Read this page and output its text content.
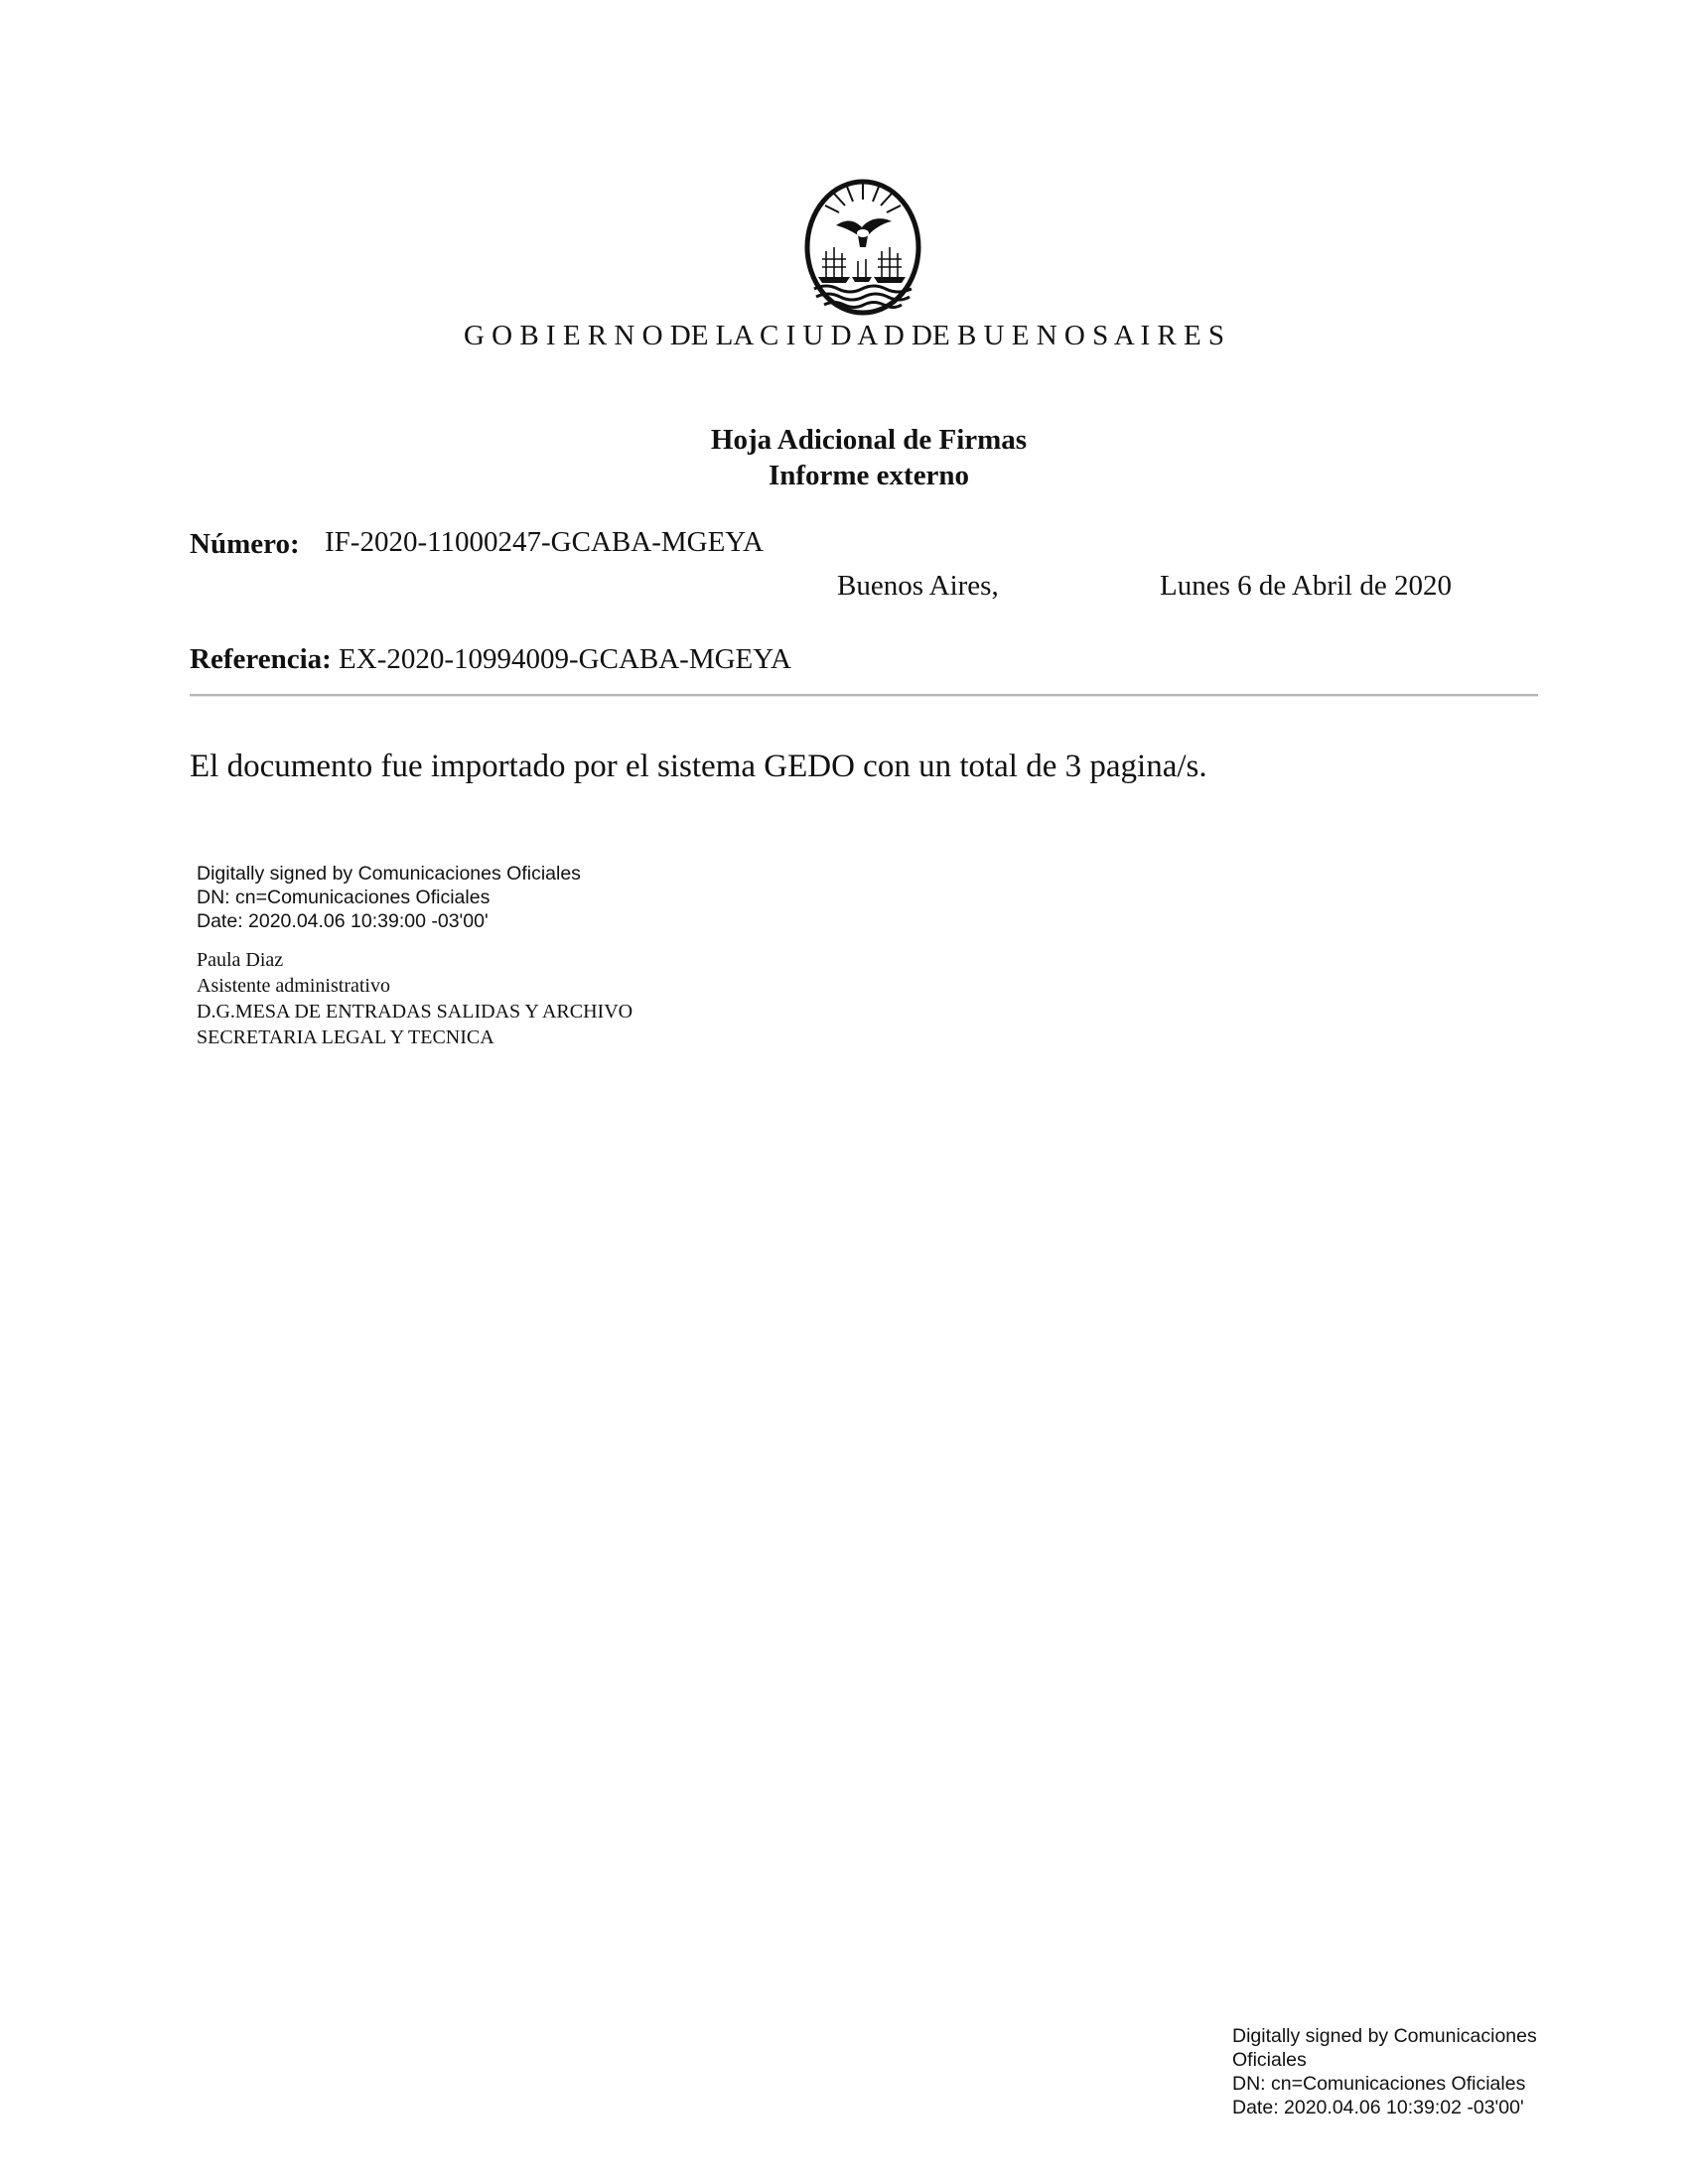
G O B I E R N O DE LA C I U D A D DE B U E N O S A I R E S
Hoja Adicional de Firmas
Informe externo
Número: IF-2020-11000247-GCABA-MGEYA
Buenos Aires,	Lunes 6 de Abril de 2020
Referencia: EX-2020-10994009-GCABA-MGEYA
El documento fue importado por el sistema GEDO con un total de 3 pagina/s.
Digitally signed by Comunicaciones Oficiales
DN: cn=Comunicaciones Oficiales
Date: 2020.04.06 10:39:00 -03'00'
Paula Diaz
Asistente administrativo
D.G.MESA DE ENTRADAS SALIDAS Y ARCHIVO
SECRETARIA LEGAL Y TECNICA
Digitally signed by Comunicaciones
Oficiales
DN: cn=Comunicaciones Oficiales
Date: 2020.04.06 10:39:02 -03'00'
